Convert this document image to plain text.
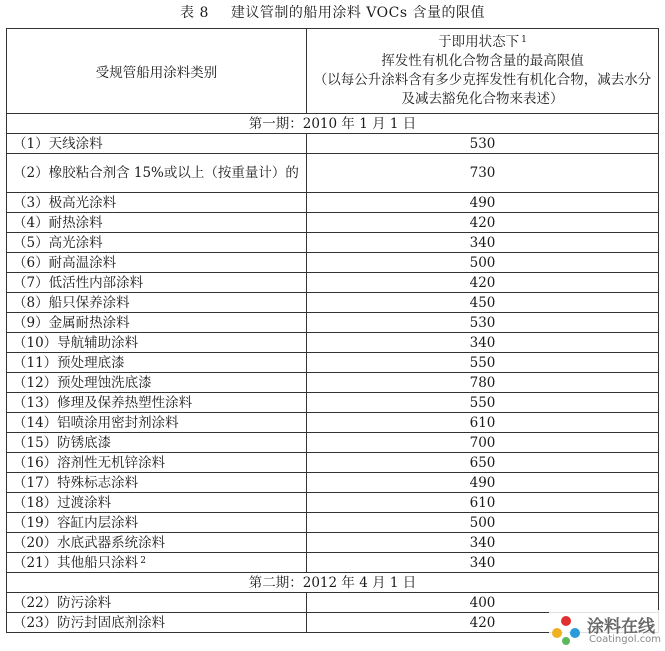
表 8 建议管制的船用涂料 VOCs 含量的限值
受规管船用涂料类别	于即用状态下 $^1$
挥发性有机化合物含量的最高限值
（以每公升涂料含有多少克挥发性有机化合物，减去水分及减去豁免化合物来表述）

第一期：2010 年 1 月 1 日	
（1）天线涂料	530
（2）橡胶粘合剂含 15%或以上（按重量计）的	730
（3）极高光涂料	490
（4）耐热涂料	420
（5）高光涂料	340
（6）耐高温涂料	500
（7）低活性内部涂料	420
（8）船只保养涂料	450
（9）金属耐热涂料	530
（10）导航辅助涂料	340
（11）预处理底漆	550
（12）预处理蚀洗底漆	780
（13）修理及保养热塑性涂料	550
（14）铝喷涂用密封剂涂料	610
（15）防锈底漆	700
（16）溶剂性无机锌涂料	650
（17）特殊标志涂料	490
（18）过渡涂料	610
（19）容缸内层涂料	500
（20）水底武器系统涂料	340
（21）其他船只涂料 $^2$	340
第二期：2012 年 4 月 1 日	
（22）防污涂料	400
（23）防污封固底剂涂料	420	涂料在线
Coatingol.com
